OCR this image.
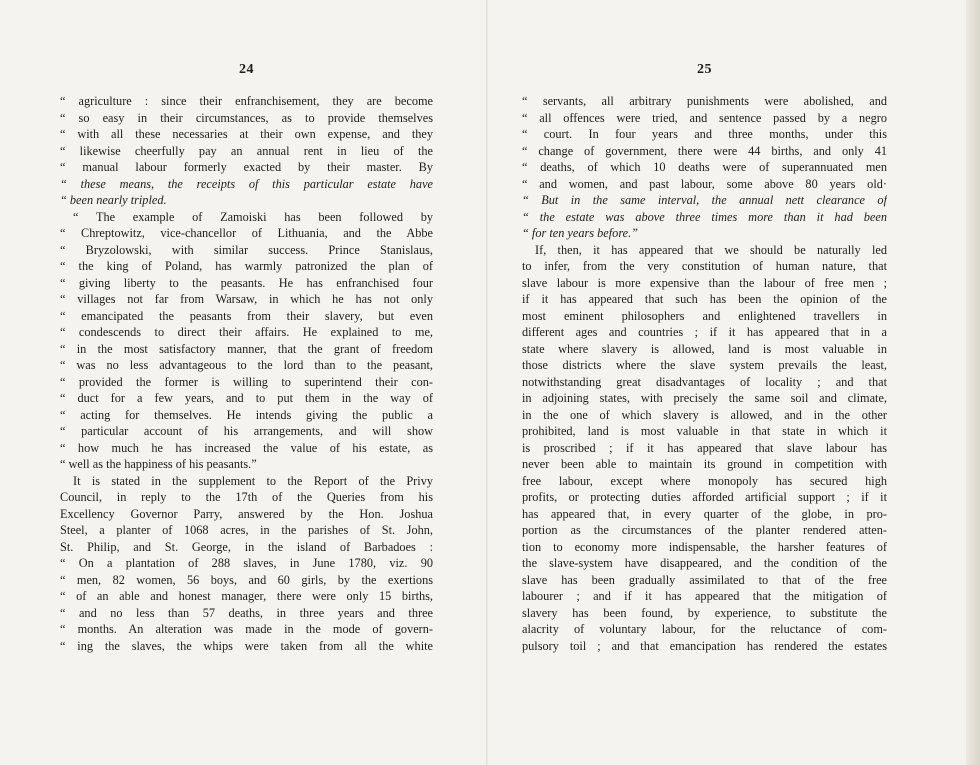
24
“ agriculture : since their enfranchisement, they are become
“ so easy in their circumstances, as to provide themselves
“ with all these necessaries at their own expense, and they
“ likewise cheerfully pay an annual rent in lieu of the
“ manual labour formerly exacted by their master. By
“ these means, the receipts of this particular estate have
“ been nearly tripled.
“ The example of Zamoiski has been followed by
“ Chreptowitz, vice-chancellor of Lithuania, and the Abbe
“ Bryzolowski, with similar success. Prince Stanislaus,
“ the king of Poland, has warmly patronized the plan of
“ giving liberty to the peasants. He has enfranchised four
“ villages not far from Warsaw, in which he has not only
“ emancipated the peasants from their slavery, but even
“ condescends to direct their affairs. He explained to me,
“ in the most satisfactory manner, that the grant of freedom
“ was no less advantageous to the lord than to the peasant,
“ provided the former is willing to superintend their con-
“ duct for a few years, and to put them in the way of
“ acting for themselves. He intends giving the public a
“ particular account of his arrangements, and will show
“ how much he has increased the value of his estate, as
“ well as the happiness of his peasants.”
It is stated in the supplement to the Report of the Privy
Council, in reply to the 17th of the Queries from his
Excellency Governor Parry, answered by the Hon. Joshua
Steel, a planter of 1068 acres, in the parishes of St. John,
St. Philip, and St. George, in the island of Barbadoes :
“ On a plantation of 288 slaves, in June 1780, viz. 90
“ men, 82 women, 56 boys, and 60 girls, by the exertions
“ of an able and honest manager, there were only 15 births,
“ and no less than 57 deaths, in three years and three
“ months. An alteration was made in the mode of govern-
“ ing the slaves, the whips were taken from all the white
25
“ servants, all arbitrary punishments were abolished, and
“ all offences were tried, and sentence passed by a negro
“ court. In four years and three months, under this
“ change of government, there were 44 births, and only 41
“ deaths, of which 10 deaths were of superannuated men
“ and women, and past labour, some above 80 years old·
“ But in the same interval, the annual nett clearance of
“ the estate was above three times more than it had been
“ for ten years before.”
If, then, it has appeared that we should be naturally led
to infer, from the very constitution of human nature, that
slave labour is more expensive than the labour of free men ;
if it has appeared that such has been the opinion of the
most eminent philosophers and enlightened travellers in
different ages and countries ; if it has appeared that in a
state where slavery is allowed, land is most valuable in
those districts where the slave system prevails the least,
notwithstanding great disadvantages of locality ; and that
in adjoining states, with precisely the same soil and climate,
in the one of which slavery is allowed, and in the other
prohibited, land is most valuable in that state in which it
is proscribed ; if it has appeared that slave labour has
never been able to maintain its ground in competition with
free labour, except where monopoly has secured high
profits, or protecting duties afforded artificial support ; if it
has appeared that, in every quarter of the globe, in pro-
portion as the circumstances of the planter rendered atten-
tion to economy more indispensable, the harsher features of
the slave-system have disappeared, and the condition of the
slave has been gradually assimilated to that of the free
labourer ; and if it has appeared that the mitigation of
slavery has been found, by experience, to substitute the
alacrity of voluntary labour, for the reluctance of com-
pulsory toil ; and that emancipation has rendered the estates
